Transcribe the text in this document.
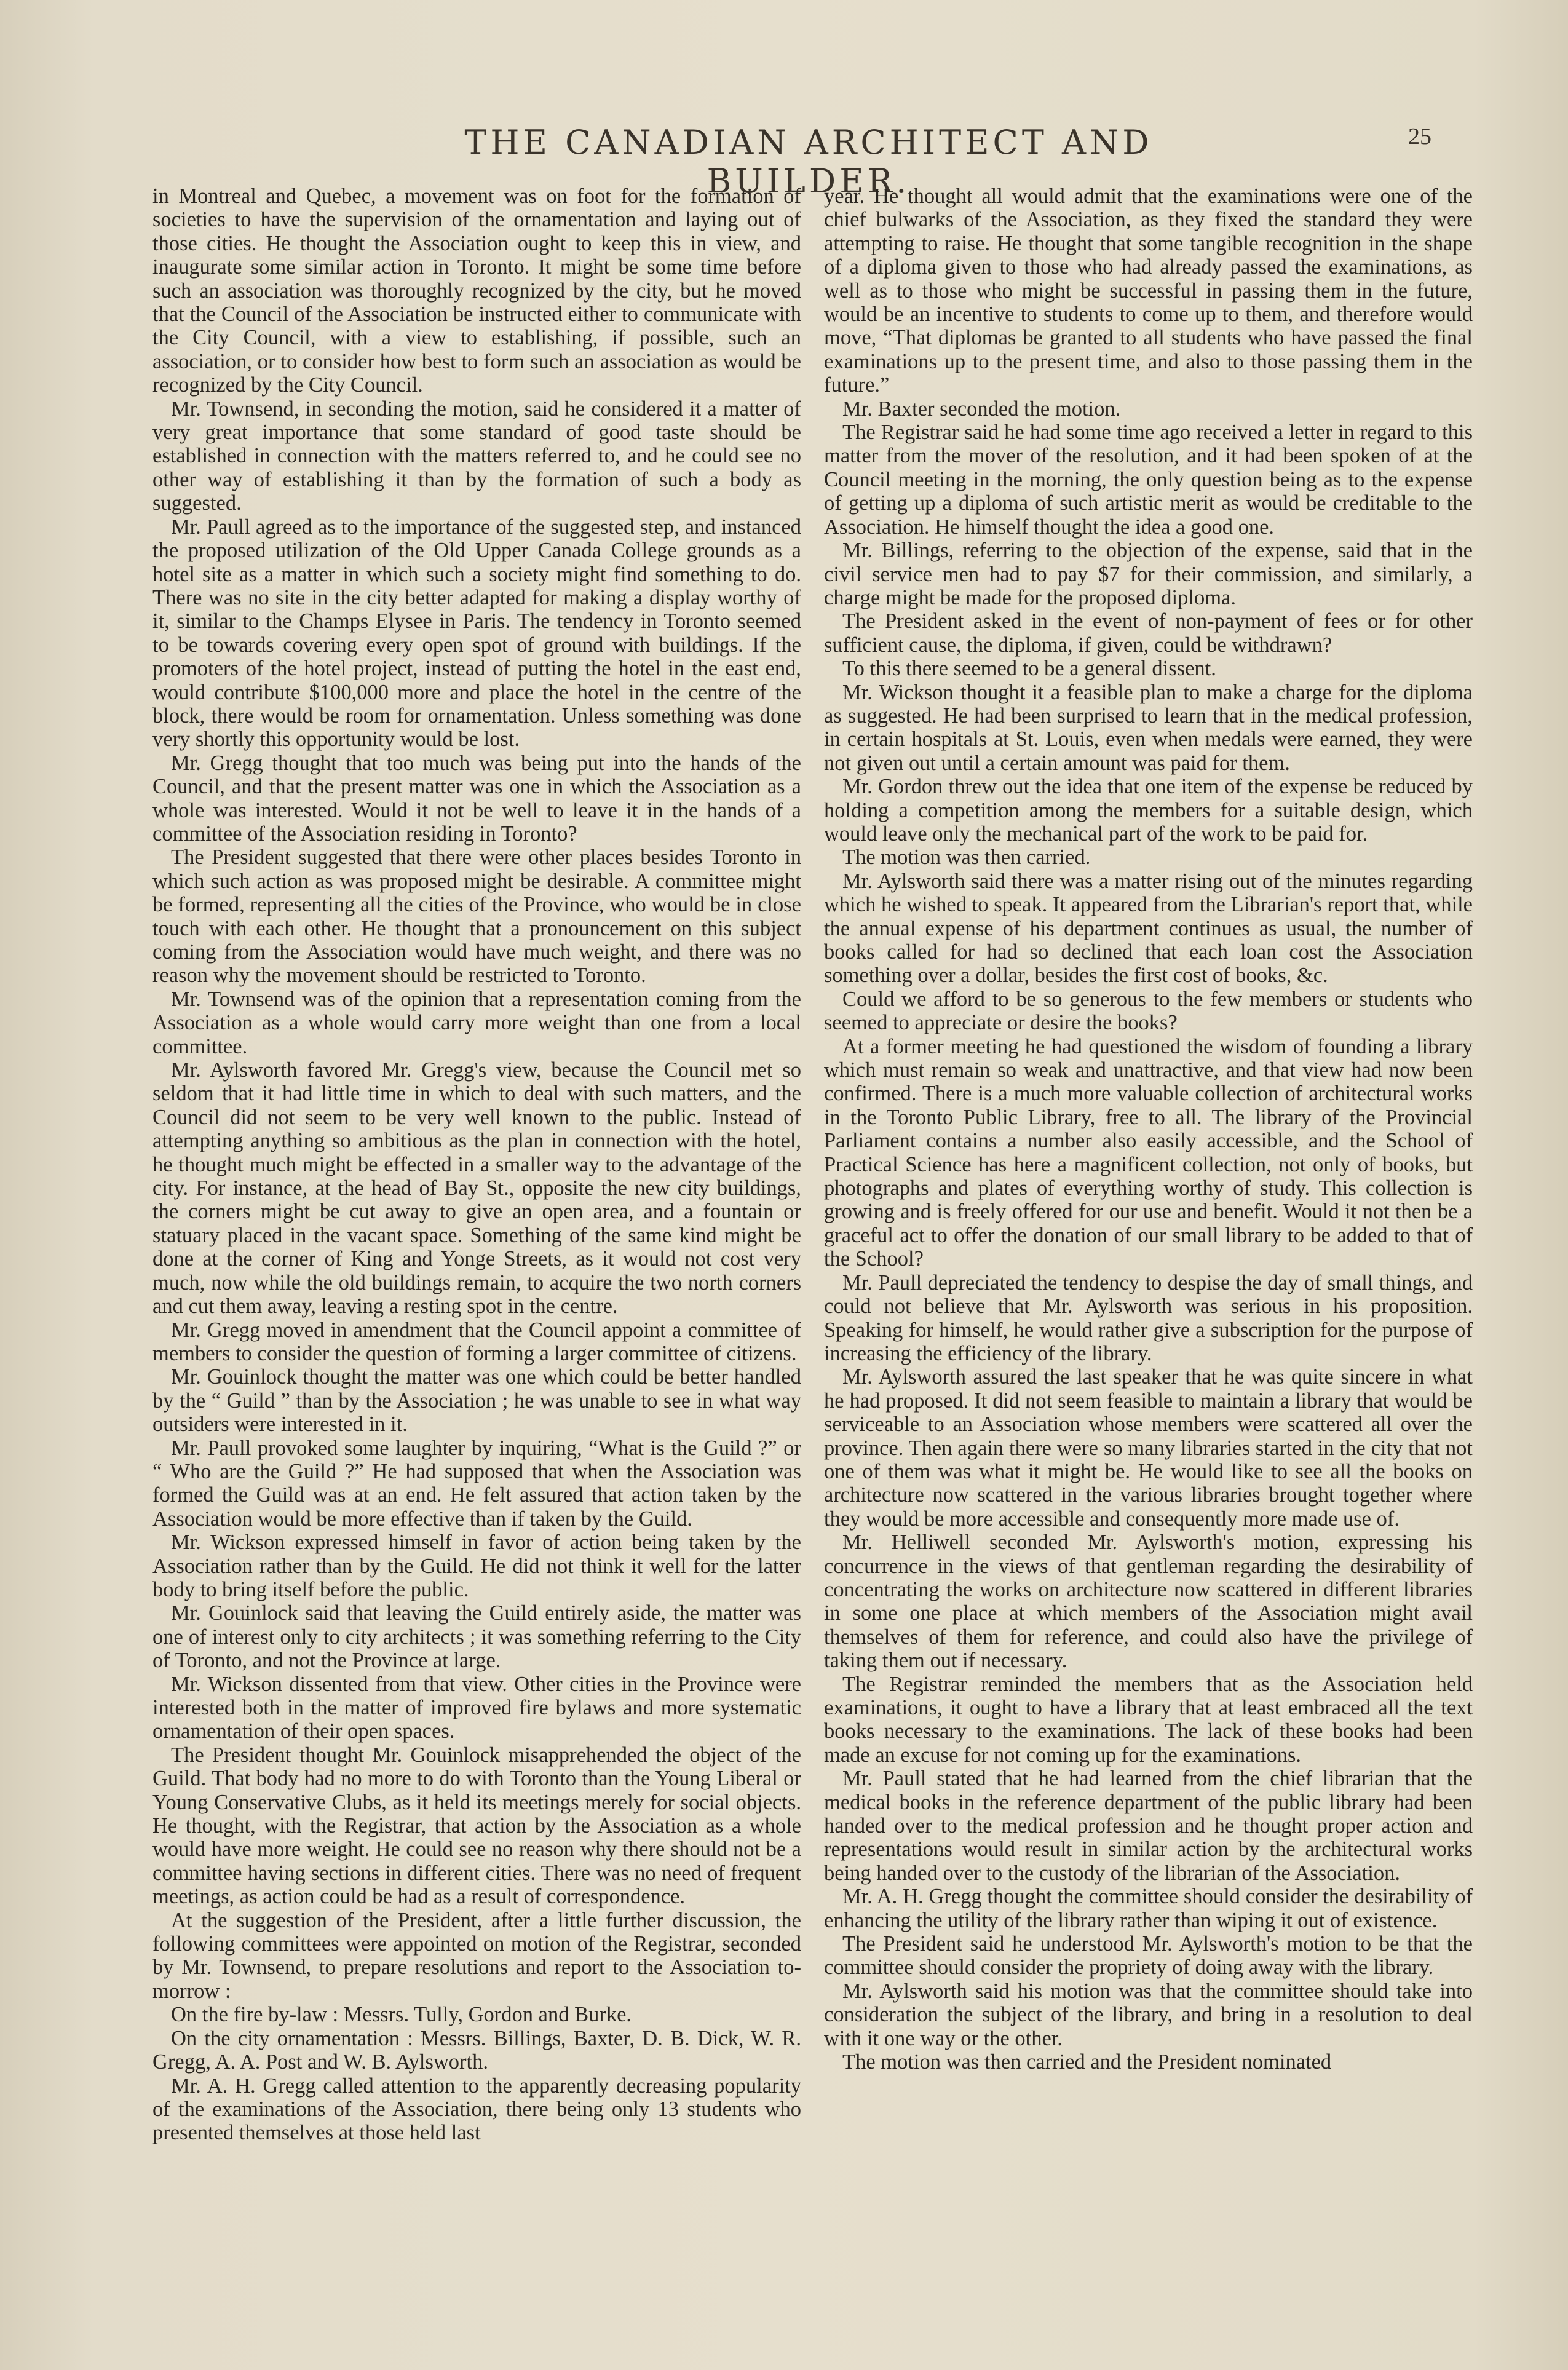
THE CANADIAN ARCHITECT AND BUILDER.
25

in Montreal and Quebec, a movement was on foot for the formation of societies to have the supervision of the ornamentation and laying out of those cities. He thought the Association ought to keep this in view, and inaugurate some similar action in Toronto. It might be some time before such an association was thoroughly recognized by the city, but he moved that the Council of the Association be instructed either to communicate with the City Council, with a view to establishing, if possible, such an association, or to consider how best to form such an association as would be recognized by the City Council.

Mr. Townsend, in seconding the motion, said he considered it a matter of very great importance that some standard of good taste should be established in connection with the matters referred to, and he could see no other way of establishing it than by the formation of such a body as suggested.

Mr. Paull agreed as to the importance of the suggested step, and instanced the proposed utilization of the Old Upper Canada College grounds as a hotel site as a matter in which such a society might find something to do. There was no site in the city better adapted for making a display worthy of it, similar to the Champs Elysee in Paris. The tendency in Toronto seemed to be towards covering every open spot of ground with buildings. If the promoters of the hotel project, instead of putting the hotel in the east end, would contribute $100,000 more and place the hotel in the centre of the block, there would be room for ornamentation. Unless something was done very shortly this opportunity would be lost.

Mr. Gregg thought that too much was being put into the hands of the Council, and that the present matter was one in which the Association as a whole was interested. Would it not be well to leave it in the hands of a committee of the Association residing in Toronto?

The President suggested that there were other places besides Toronto in which such action as was proposed might be desirable. A committee might be formed, representing all the cities of the Province, who would be in close touch with each other. He thought that a pronouncement on this subject coming from the Association would have much weight, and there was no reason why the movement should be restricted to Toronto.

Mr. Townsend was of the opinion that a representation coming from the Association as a whole would carry more weight than one from a local committee.

Mr. Aylsworth favored Mr. Gregg's view, because the Council met so seldom that it had little time in which to deal with such matters, and the Council did not seem to be very well known to the public. Instead of attempting anything so ambitious as the plan in connection with the hotel, he thought much might be effected in a smaller way to the advantage of the city. For instance, at the head of Bay St., opposite the new city buildings, the corners might be cut away to give an open area, and a fountain or statuary placed in the vacant space. Something of the same kind might be done at the corner of King and Yonge Streets, as it would not cost very much, now while the old buildings remain, to acquire the two north corners and cut them away, leaving a resting spot in the centre.

Mr. Gregg moved in amendment that the Council appoint a committee of members to consider the question of forming a larger committee of citizens.

Mr. Gouinlock thought the matter was one which could be better handled by the “ Guild ” than by the Association ; he was unable to see in what way outsiders were interested in it.

Mr. Paull provoked some laughter by inquiring, “What is the Guild ?” or “ Who are the Guild ?” He had supposed that when the Association was formed the Guild was at an end. He felt assured that action taken by the Association would be more effective than if taken by the Guild.

Mr. Wickson expressed himself in favor of action being taken by the Association rather than by the Guild. He did not think it well for the latter body to bring itself before the public.

Mr. Gouinlock said that leaving the Guild entirely aside, the matter was one of interest only to city architects ; it was something referring to the City of Toronto, and not the Province at large.

Mr. Wickson dissented from that view. Other cities in the Province were interested both in the matter of improved fire bylaws and more systematic ornamentation of their open spaces.

The President thought Mr. Gouinlock misapprehended the object of the Guild. That body had no more to do with Toronto than the Young Liberal or Young Conservative Clubs, as it held its meetings merely for social objects. He thought, with the Registrar, that action by the Association as a whole would have more weight. He could see no reason why there should not be a committee having sections in different cities. There was no need of frequent meetings, as action could be had as a result of correspondence.

At the suggestion of the President, after a little further discussion, the following committees were appointed on motion of the Registrar, seconded by Mr. Townsend, to prepare resolutions and report to the Association to-morrow :

On the fire by-law : Messrs. Tully, Gordon and Burke.

On the city ornamentation : Messrs. Billings, Baxter, D. B. Dick, W. R. Gregg, A. A. Post and W. B. Aylsworth.

Mr. A. H. Gregg called attention to the apparently decreasing popularity of the examinations of the Association, there being only 13 students who presented themselves at those held last

year. He thought all would admit that the examinations were one of the chief bulwarks of the Association, as they fixed the standard they were attempting to raise. He thought that some tangible recognition in the shape of a diploma given to those who had already passed the examinations, as well as to those who might be successful in passing them in the future, would be an incentive to students to come up to them, and therefore would move, “That diplomas be granted to all students who have passed the final examinations up to the present time, and also to those passing them in the future.”

Mr. Baxter seconded the motion.

The Registrar said he had some time ago received a letter in regard to this matter from the mover of the resolution, and it had been spoken of at the Council meeting in the morning, the only question being as to the expense of getting up a diploma of such artistic merit as would be creditable to the Association. He himself thought the idea a good one.

Mr. Billings, referring to the objection of the expense, said that in the civil service men had to pay $7 for their commission, and similarly, a charge might be made for the proposed diploma.

The President asked in the event of non-payment of fees or for other sufficient cause, the diploma, if given, could be withdrawn?

To this there seemed to be a general dissent.

Mr. Wickson thought it a feasible plan to make a charge for the diploma as suggested. He had been surprised to learn that in the medical profession, in certain hospitals at St. Louis, even when medals were earned, they were not given out until a certain amount was paid for them.

Mr. Gordon threw out the idea that one item of the expense be reduced by holding a competition among the members for a suitable design, which would leave only the mechanical part of the work to be paid for.

The motion was then carried.

Mr. Aylsworth said there was a matter rising out of the minutes regarding which he wished to speak. It appeared from the Librarian's report that, while the annual expense of his department continues as usual, the number of books called for had so declined that each loan cost the Association something over a dollar, besides the first cost of books, &c.

Could we afford to be so generous to the few members or students who seemed to appreciate or desire the books?

At a former meeting he had questioned the wisdom of founding a library which must remain so weak and unattractive, and that view had now been confirmed. There is a much more valuable collection of architectural works in the Toronto Public Library, free to all. The library of the Provincial Parliament contains a number also easily accessible, and the School of Practical Science has here a magnificent collection, not only of books, but photographs and plates of everything worthy of study. This collection is growing and is freely offered for our use and benefit. Would it not then be a graceful act to offer the donation of our small library to be added to that of the School?

Mr. Paull depreciated the tendency to despise the day of small things, and could not believe that Mr. Aylsworth was serious in his proposition. Speaking for himself, he would rather give a subscription for the purpose of increasing the efficiency of the library.

Mr. Aylsworth assured the last speaker that he was quite sincere in what he had proposed. It did not seem feasible to maintain a library that would be serviceable to an Association whose members were scattered all over the province. Then again there were so many libraries started in the city that not one of them was what it might be. He would like to see all the books on architecture now scattered in the various libraries brought together where they would be more accessible and consequently more made use of.

Mr. Helliwell seconded Mr. Aylsworth's motion, expressing his concurrence in the views of that gentleman regarding the desirability of concentrating the works on architecture now scattered in different libraries in some one place at which members of the Association might avail themselves of them for reference, and could also have the privilege of taking them out if necessary.

The Registrar reminded the members that as the Association held examinations, it ought to have a library that at least embraced all the text books necessary to the examinations. The lack of these books had been made an excuse for not coming up for the examinations.

Mr. Paull stated that he had learned from the chief librarian that the medical books in the reference department of the public library had been handed over to the medical profession and he thought proper action and representations would result in similar action by the architectural works being handed over to the custody of the librarian of the Association.

Mr. A. H. Gregg thought the committee should consider the desirability of enhancing the utility of the library rather than wiping it out of existence.

The President said he understood Mr. Aylsworth's motion to be that the committee should consider the propriety of doing away with the library.

Mr. Aylsworth said his motion was that the committee should take into consideration the subject of the library, and bring in a resolution to deal with it one way or the other.

The motion was then carried and the President nominated
